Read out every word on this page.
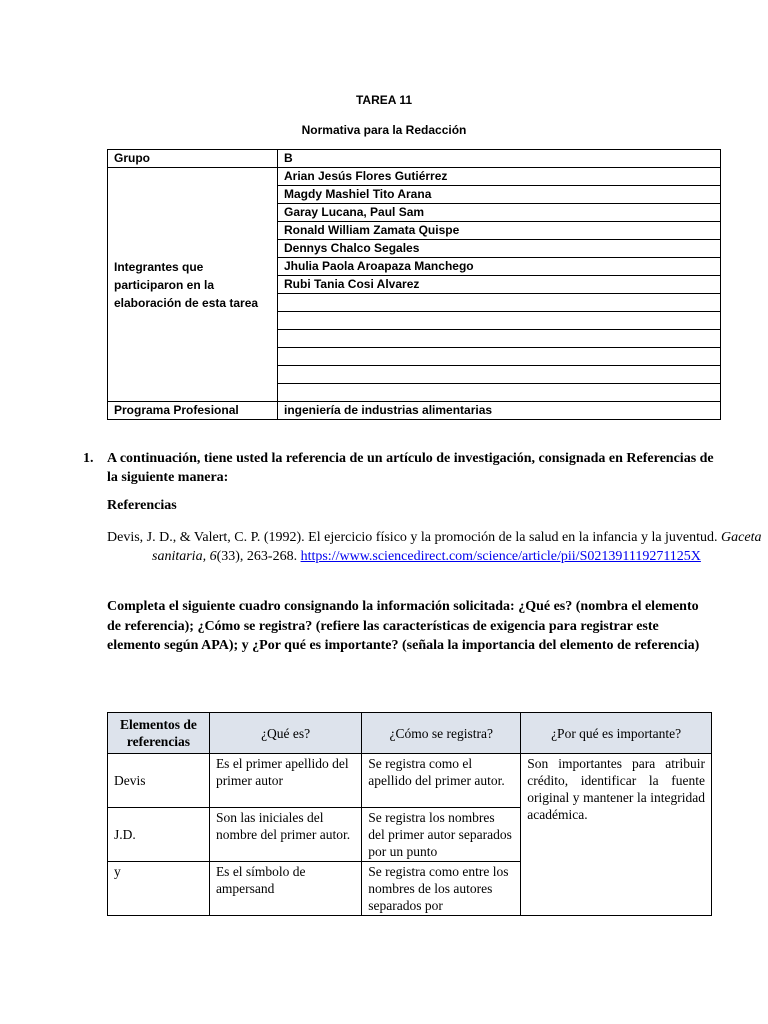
TAREA 11
Normativa para la Redacción
Grupo	B
Integrantes que participaron en la elaboración de esta tarea	Arian Jesús Flores Gutiérrez
	Magdy Mashiel Tito Arana
	Garay Lucana, Paul Sam
	Ronald William Zamata Quispe
	Dennys Chalco Segales
	Jhulia Paola Aroapaza Manchego
	Rubi Tania Cosi Alvarez

Programa Profesional	ingeniería de industrias alimentarias
1. A continuación, tiene usted la referencia de un artículo de investigación, consignada en Referencias de la siguiente manera:
Referencias
Devis, J. D., & Valert, C. P. (1992). El ejercicio físico y la promoción de la salud en la infancia y la juventud. Gaceta sanitaria, 6(33), 263-268. https://www.sciencedirect.com/science/article/pii/S021391119271125X
Completa el siguiente cuadro consignando la información solicitada: ¿Qué es? (nombra el elemento de referencia); ¿Cómo se registra? (refiere las características de exigencia para registrar este elemento según APA); y ¿Por qué es importante? (señala la importancia del elemento de referencia)
Elementos de referencias	¿Qué es?	¿Cómo se registra?	¿Por qué es importante?
Devis	Es el primer apellido del primer autor	Se registra como el apellido del primer autor.	Son importantes para atribuir crédito, identificar la fuente original y mantener la integridad académica.
J.D.	Son las iniciales del nombre del primer autor.	Se registra los nombres del primer autor separados por un punto	
y	Es el símbolo de ampersand	Se registra como entre los nombres de los autores separados por	
